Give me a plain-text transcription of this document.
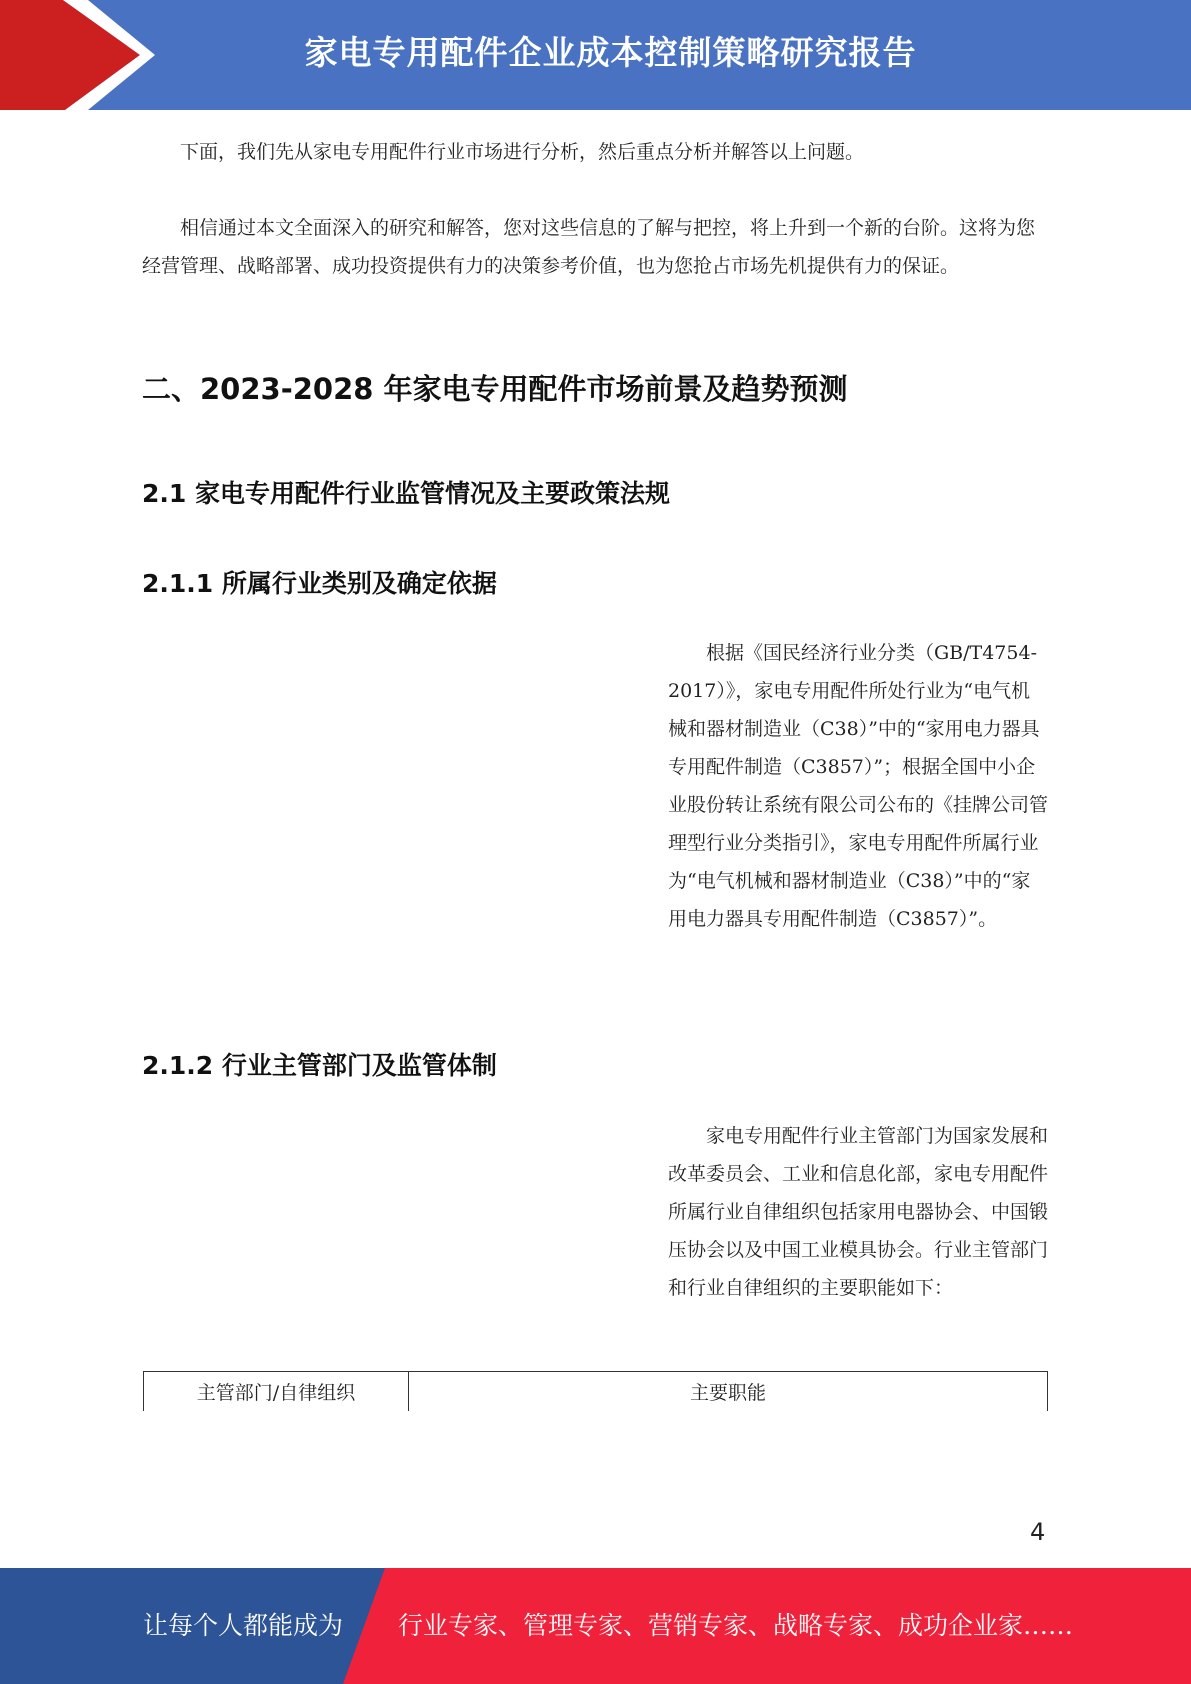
家电专用配件企业成本控制策略研究报告

下面，我们先从家电专用配件行业市场进行分析，然后重点分析并解答以上问题。

相信通过本文全面深入的研究和解答，您对这些信息的了解与把控，将上升到一个新的台阶。这将为您经营管理、战略部署、成功投资提供有力的决策参考价值，也为您抢占市场先机提供有力的保证。

二、2023-2028 年家电专用配件市场前景及趋势预测
2.1 家电专用配件行业监管情况及主要政策法规
2.1.1 所属行业类别及确定依据

根据《国民经济行业分类（GB/T4754-2017）》，家电专用配件所处行业为“电气机械和器材制造业（C38）”中的“家用电力器具专用配件制造（C3857）”；根据全国中小企业股份转让系统有限公司公布的《挂牌公司管理型行业分类指引》，家电专用配件所属行业为“电气机械和器材制造业（C38）”中的“家用电力器具专用配件制造（C3857）”。

2.1.2 行业主管部门及监管体制

家电专用配件行业主管部门为国家发展和改革委员会、工业和信息化部，家电专用配件所属行业自律组织包括家用电器协会、中国锻压协会以及中国工业模具协会。行业主管部门和行业自律组织的主要职能如下：

主管部门/自律组织	主要职能
4
让每个人都能成为 行业专家、管理专家、营销专家、战略专家、成功企业家……
